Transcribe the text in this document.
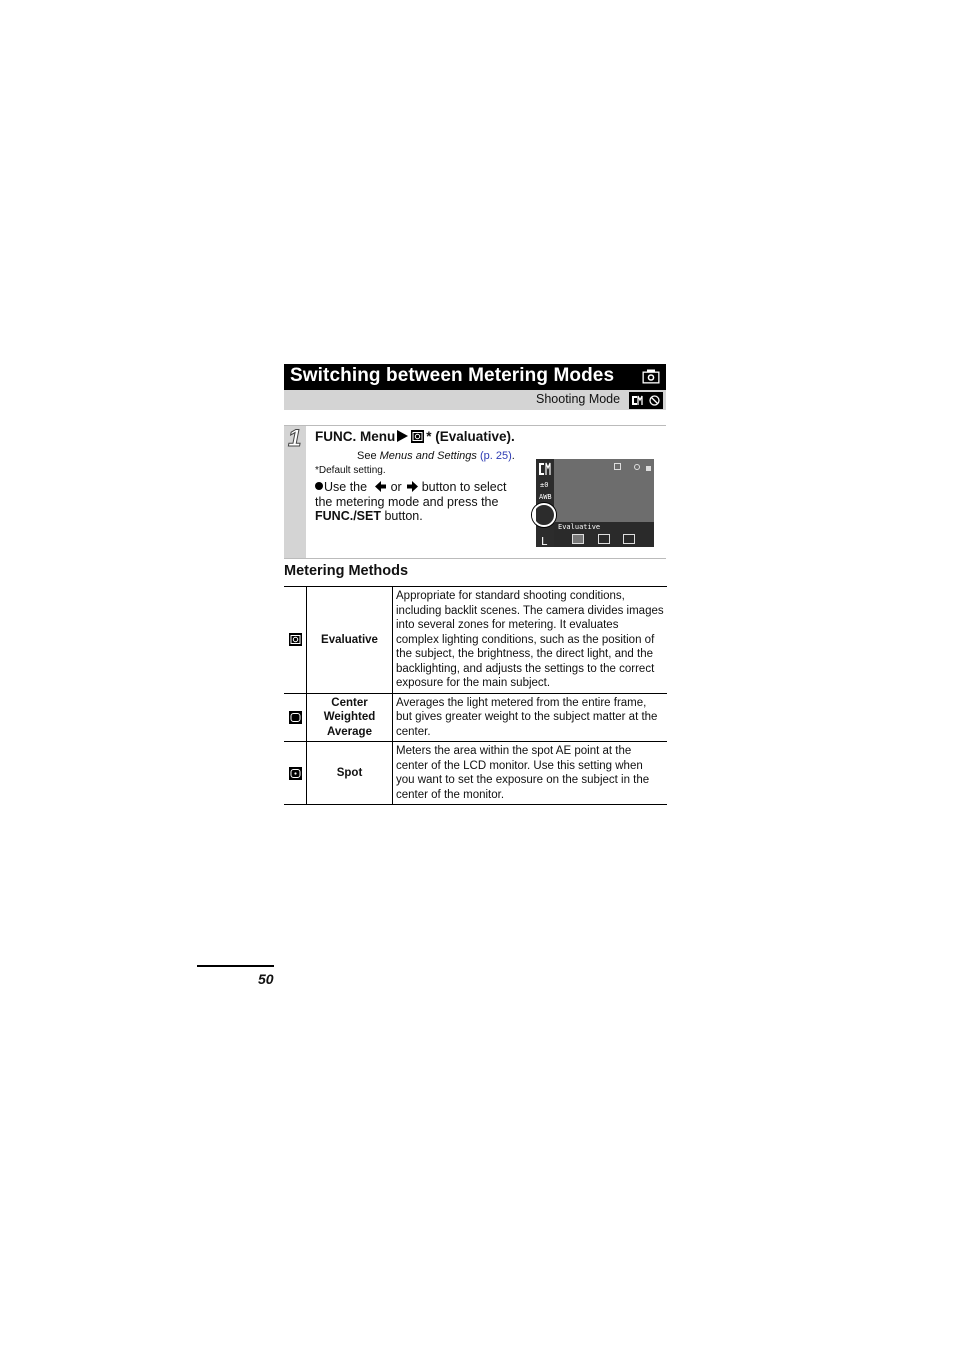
Switching between Metering Modes
Shooting Mode
1 FUNC. Menu * (Evaluative).
See Menus and Settings (p. 25).
*Default setting.
Use the or button to select the metering mode and press the FUNC./SET button.
±0
AWB
L
Evaluative
Metering Methods
	Evaluative	Appropriate for standard shooting conditions, including backlit scenes. The camera divides images into several zones for metering. It evaluates complex lighting conditions, such as the position of the subject, the brightness, the direct light, and the backlighting, and adjusts the settings to the correct exposure for the main subject.

	Center
Weighted
Average	Averages the light metered from the entire frame, but gives greater weight to the subject matter at the center.

	Spot	Meters the area within the spot AE point at the center of the LCD monitor. Use this setting when you want to set the exposure on the subject in the center of the monitor.
50
